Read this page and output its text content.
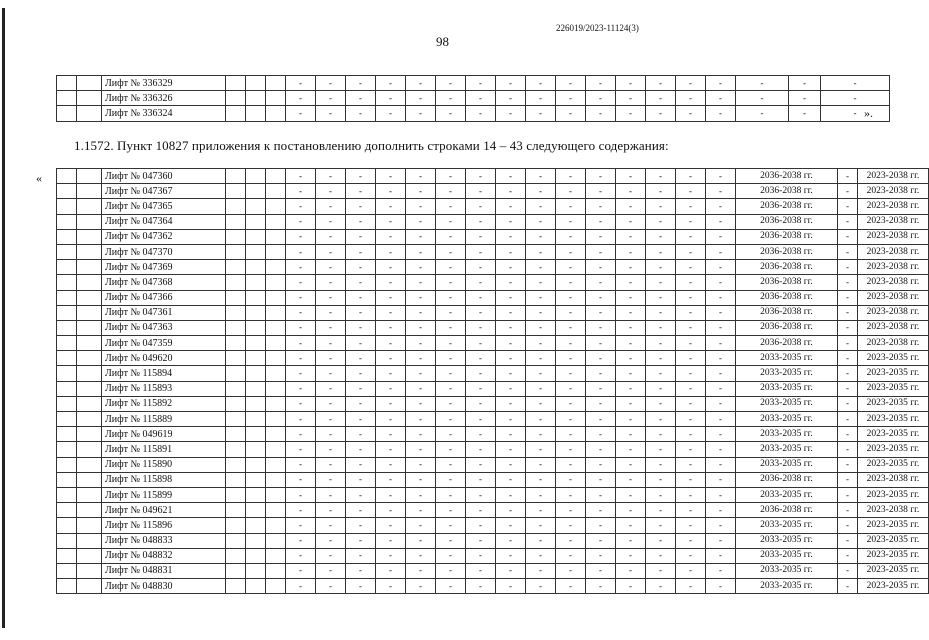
226019/2023-11124(3)
98
		Лифт № 336329				-	-	-	-	-	-	-	-	-	-	-	-	-	-	-	-	-	-
		Лифт № 336326				-	-	-	-	-	-	-	-	-	-	-	-	-	-	-	-	-	-
		Лифт № 336324				-	-	-	-	-	-	-	-	-	-	-	-	-	-	-	-	-	- ».
1.1572. Пункт 10827 приложения к постановлению дополнить строками 14 – 43 следующего содержания:
«
			Лифт № 047360				-	-	-	-	-	-	-	-	-	-	-	-	-	-	-	2036-2038 гг.	-	2023-2038 гг.
		Лифт № 047367				-	-	-	-	-	-	-	-	-	-	-	-	-	-	-	2036-2038 гг.	-	2023-2038 гг.
		Лифт № 047365				-	-	-	-	-	-	-	-	-	-	-	-	-	-	-	2036-2038 гг.	-	2023-2038 гг.
		Лифт № 047364				-	-	-	-	-	-	-	-	-	-	-	-	-	-	-	2036-2038 гг.	-	2023-2038 гг.
		Лифт № 047362				-	-	-	-	-	-	-	-	-	-	-	-	-	-	-	2036-2038 гг.	-	2023-2038 гг.
		Лифт № 047370				-	-	-	-	-	-	-	-	-	-	-	-	-	-	-	2036-2038 гг.	-	2023-2038 гг.
		Лифт № 047369				-	-	-	-	-	-	-	-	-	-	-	-	-	-	-	2036-2038 гг.	-	2023-2038 гг.
		Лифт № 047368				-	-	-	-	-	-	-	-	-	-	-	-	-	-	-	2036-2038 гг.	-	2023-2038 гг.
		Лифт № 047366				-	-	-	-	-	-	-	-	-	-	-	-	-	-	-	2036-2038 гг.	-	2023-2038 гг.
		Лифт № 047361				-	-	-	-	-	-	-	-	-	-	-	-	-	-	-	2036-2038 гг.	-	2023-2038 гг.
		Лифт № 047363				-	-	-	-	-	-	-	-	-	-	-	-	-	-	-	2036-2038 гг.	-	2023-2038 гг.
		Лифт № 047359				-	-	-	-	-	-	-	-	-	-	-	-	-	-	-	2036-2038 гг.	-	2023-2038 гг.
		Лифт № 049620				-	-	-	-	-	-	-	-	-	-	-	-	-	-	-	2033-2035 гг.	-	2023-2035 гг.
		Лифт № 115894				-	-	-	-	-	-	-	-	-	-	-	-	-	-	-	2033-2035 гг.	-	2023-2035 гг.
		Лифт № 115893				-	-	-	-	-	-	-	-	-	-	-	-	-	-	-	2033-2035 гг.	-	2023-2035 гг.
		Лифт № 115892				-	-	-	-	-	-	-	-	-	-	-	-	-	-	-	2033-2035 гг.	-	2023-2035 гг.
		Лифт № 115889				-	-	-	-	-	-	-	-	-	-	-	-	-	-	-	2033-2035 гг.	-	2023-2035 гг.
		Лифт № 049619				-	-	-	-	-	-	-	-	-	-	-	-	-	-	-	2033-2035 гг.	-	2023-2035 гг.
		Лифт № 115891				-	-	-	-	-	-	-	-	-	-	-	-	-	-	-	2033-2035 гг.	-	2023-2035 гг.
		Лифт № 115890				-	-	-	-	-	-	-	-	-	-	-	-	-	-	-	2033-2035 гг.	-	2023-2035 гг.
		Лифт № 115898				-	-	-	-	-	-	-	-	-	-	-	-	-	-	-	2036-2038 гг.	-	2023-2038 гг.
		Лифт № 115899				-	-	-	-	-	-	-	-	-	-	-	-	-	-	-	2033-2035 гг.	-	2023-2035 гг.
		Лифт № 049621				-	-	-	-	-	-	-	-	-	-	-	-	-	-	-	2036-2038 гг.	-	2023-2038 гг.
		Лифт № 115896				-	-	-	-	-	-	-	-	-	-	-	-	-	-	-	2033-2035 гг.	-	2023-2035 гг.
		Лифт № 048833				-	-	-	-	-	-	-	-	-	-	-	-	-	-	-	2033-2035 гг.	-	2023-2035 гг.
		Лифт № 048832				-	-	-	-	-	-	-	-	-	-	-	-	-	-	-	2033-2035 гг.	-	2023-2035 гг.
		Лифт № 048831				-	-	-	-	-	-	-	-	-	-	-	-	-	-	-	2033-2035 гг.	-	2023-2035 гг.
		Лифт № 048830				-	-	-	-	-	-	-	-	-	-	-	-	-	-	-	2033-2035 гг.	-	2023-2035 гг.
